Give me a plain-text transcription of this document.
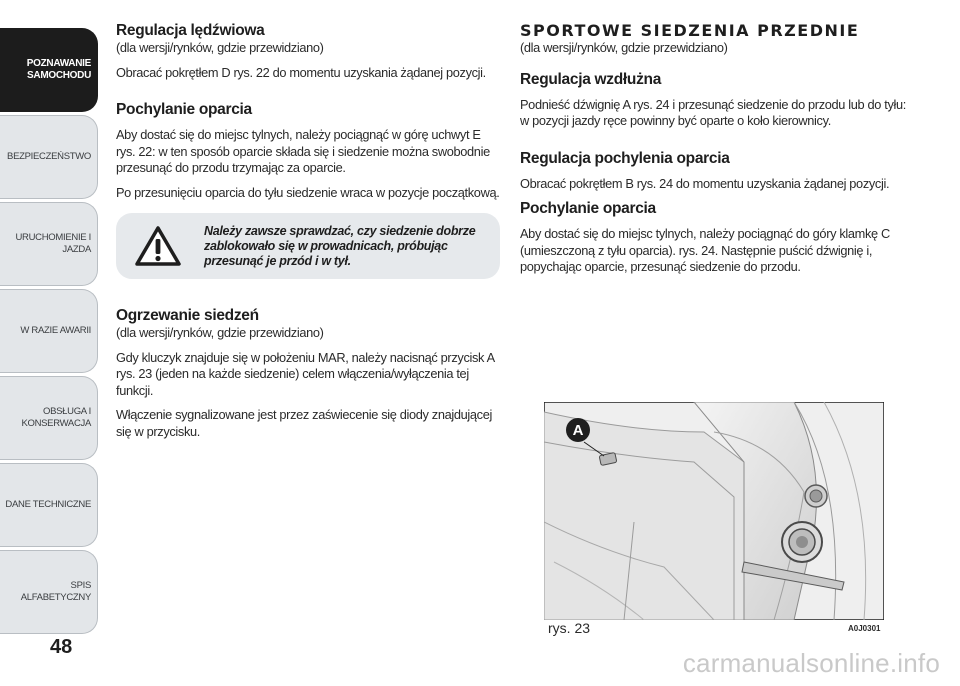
POZNAWANIE SAMOCHODU
BEZPIECZEŃSTWO
URUCHOMIENIE I JAZDA
W RAZIE AWARII
OBSŁUGA I KONSERWACJA
DANE TECHNICZNE
SPIS ALFABETYCZNY
48
Regulacja lędźwiowa

(dla wersji/rynków, gdzie przewidziano)

Obracać pokrętłem D rys. 22 do momentu uzyskania żądanej pozycji.

Pochylanie oparcia

Aby dostać się do miejsc tylnych, należy pociągnąć w górę uchwyt E rys. 22: w ten sposób oparcie składa się i siedzenie można swobodnie przesunąć do przodu trzymając za oparcie.

Po przesunięciu oparcia do tyłu siedzenie wraca w pozycje początkową.

Należy zawsze sprawdzać, czy siedzenie dobrze zablokowało się w prowadnicach, próbując przesunąć je przód i w tył.
Ogrzewanie siedzeń

(dla wersji/rynków, gdzie przewidziano)

Gdy kluczyk znajduje się w położeniu MAR, należy nacisnąć przycisk A rys. 23 (jeden na każde siedzenie) celem włączenia/wyłączenia tej funkcji.

Włączenie sygnalizowane jest przez zaświecenie się diody znajdującej się w przycisku.

SPORTOWE SIEDZENIA PRZEDNIE

(dla wersji/rynków, gdzie przewidziano)

Regulacja wzdłużna

Podnieść dźwignię A rys. 24 i przesunąć siedzenie do przodu lub do tyłu: w pozycji jazdy ręce powinny być oparte o koło kierownicy.

Regulacja pochylenia oparcia

Obracać pokrętłem B rys. 24 do momentu uzyskania żądanej pozycji.

Pochylanie oparcia

Aby dostać się do miejsc tylnych, należy pociągnąć do góry klamkę C (umieszczoną z tyłu oparcia). rys. 24. Następnie puścić dźwignię i, popychając oparcie, przesunąć siedzenie do przodu.

A
rys. 23	A0J0301
carmanualsonline.info
